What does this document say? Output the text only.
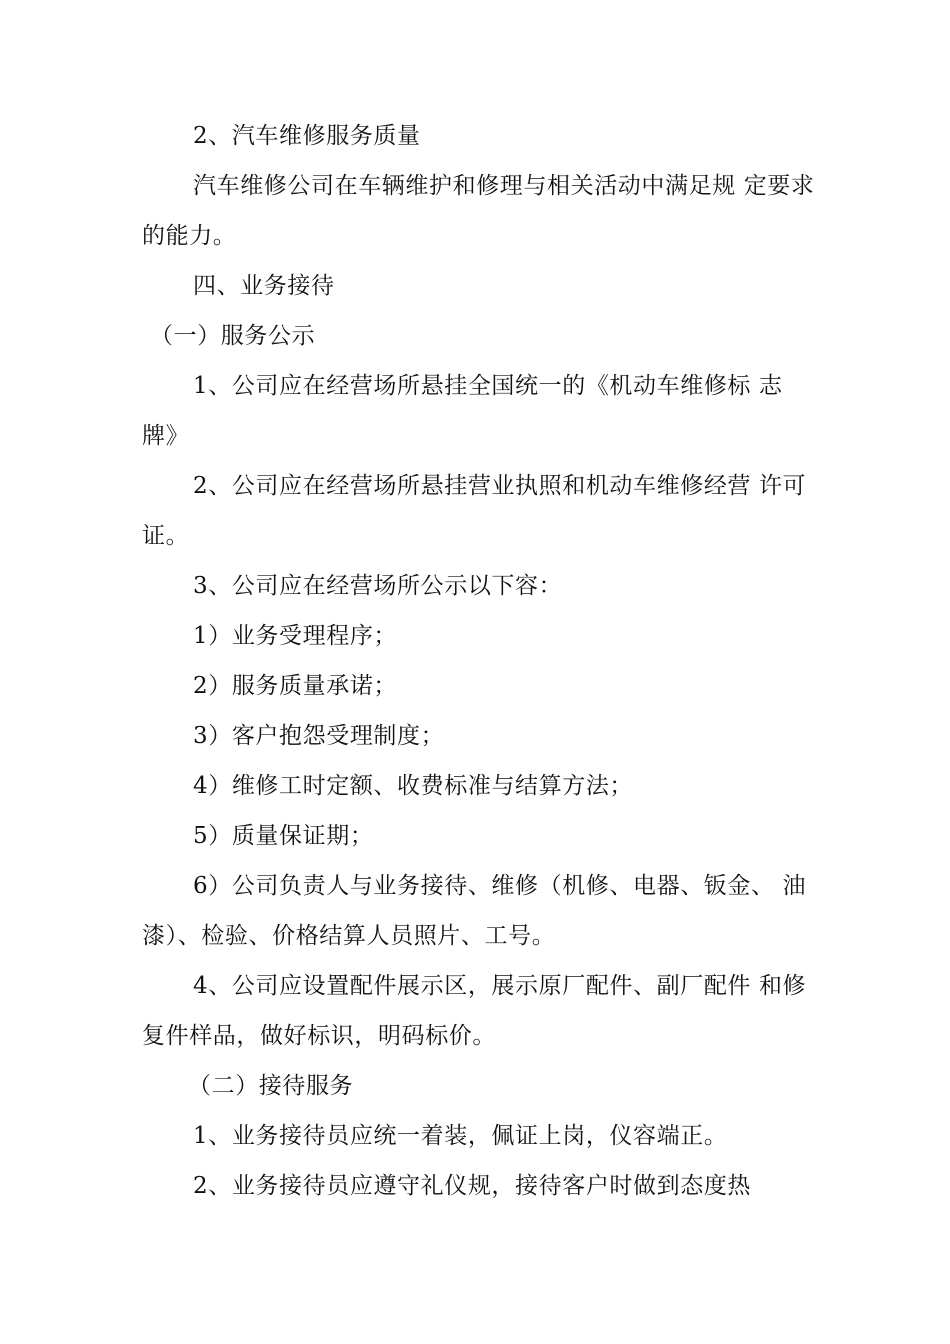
2、汽车维修服务质量

汽车维修公司在车辆维护和修理与相关活动中满足规 定要求

的能力。

四、业务接待

（一）服务公示

1、公司应在经营场所悬挂全国统一的《机动车维修标 志

牌》

2、公司应在经营场所悬挂营业执照和机动车维修经营 许可

证。

3、公司应在经营场所公示以下容：

1）业务受理程序；

2）服务质量承诺；

3）客户抱怨受理制度；

4）维修工时定额、收费标准与结算方法；

5）质量保证期；

6）公司负责人与业务接待、维修（机修、电器、钣金、 油

漆）、检验、价格结算人员照片、工号。

4、公司应设置配件展示区，展示原厂配件、副厂配件 和修

复件样品，做好标识，明码标价。

（二）接待服务

1、业务接待员应统一着装，佩证上岗，仪容端正。

2、业务接待员应遵守礼仪规，接待客户时做到态度热
